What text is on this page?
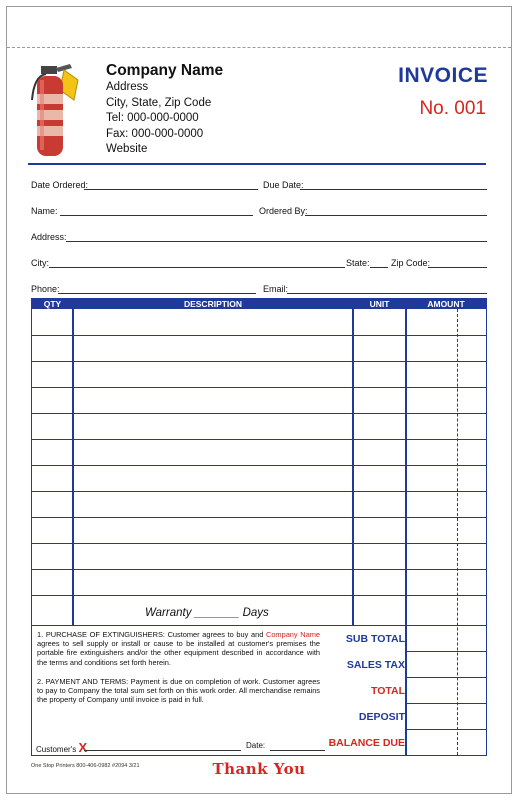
Company Name
Address
City, State, Zip Code
Tel: 000-000-0000
Fax: 000-000-0000
Website
INVOICE
No. 001
Date Ordered:	Due Date:
Name:	Ordered By:
Address:
City:	State: Zip Code:
Phone:	Email:
QTY	DESCRIPTION	UNIT	AMOUNT
Warranty _______ Days
1. PURCHASE OF EXTINGUISHERS: Customer agrees to buy and Company Name agrees to sell supply or install or cause to be installed at customer's premises the portable fire extinguishers and/or the other equipment described in accordance with the terms and conditions set forth herein.
2. PAYMENT AND TERMS: Payment is due on completion of work. Customer agrees to pay to Company the total sum set forth on this work order. All merchandise remains the property of Company until invoice is paid in full.
SUB TOTAL
SALES TAX
TOTAL
DEPOSIT
BALANCE DUE
Customer's X	Date:
One Stop Printers 800-406-0982 #2094 3/21	Thank You
